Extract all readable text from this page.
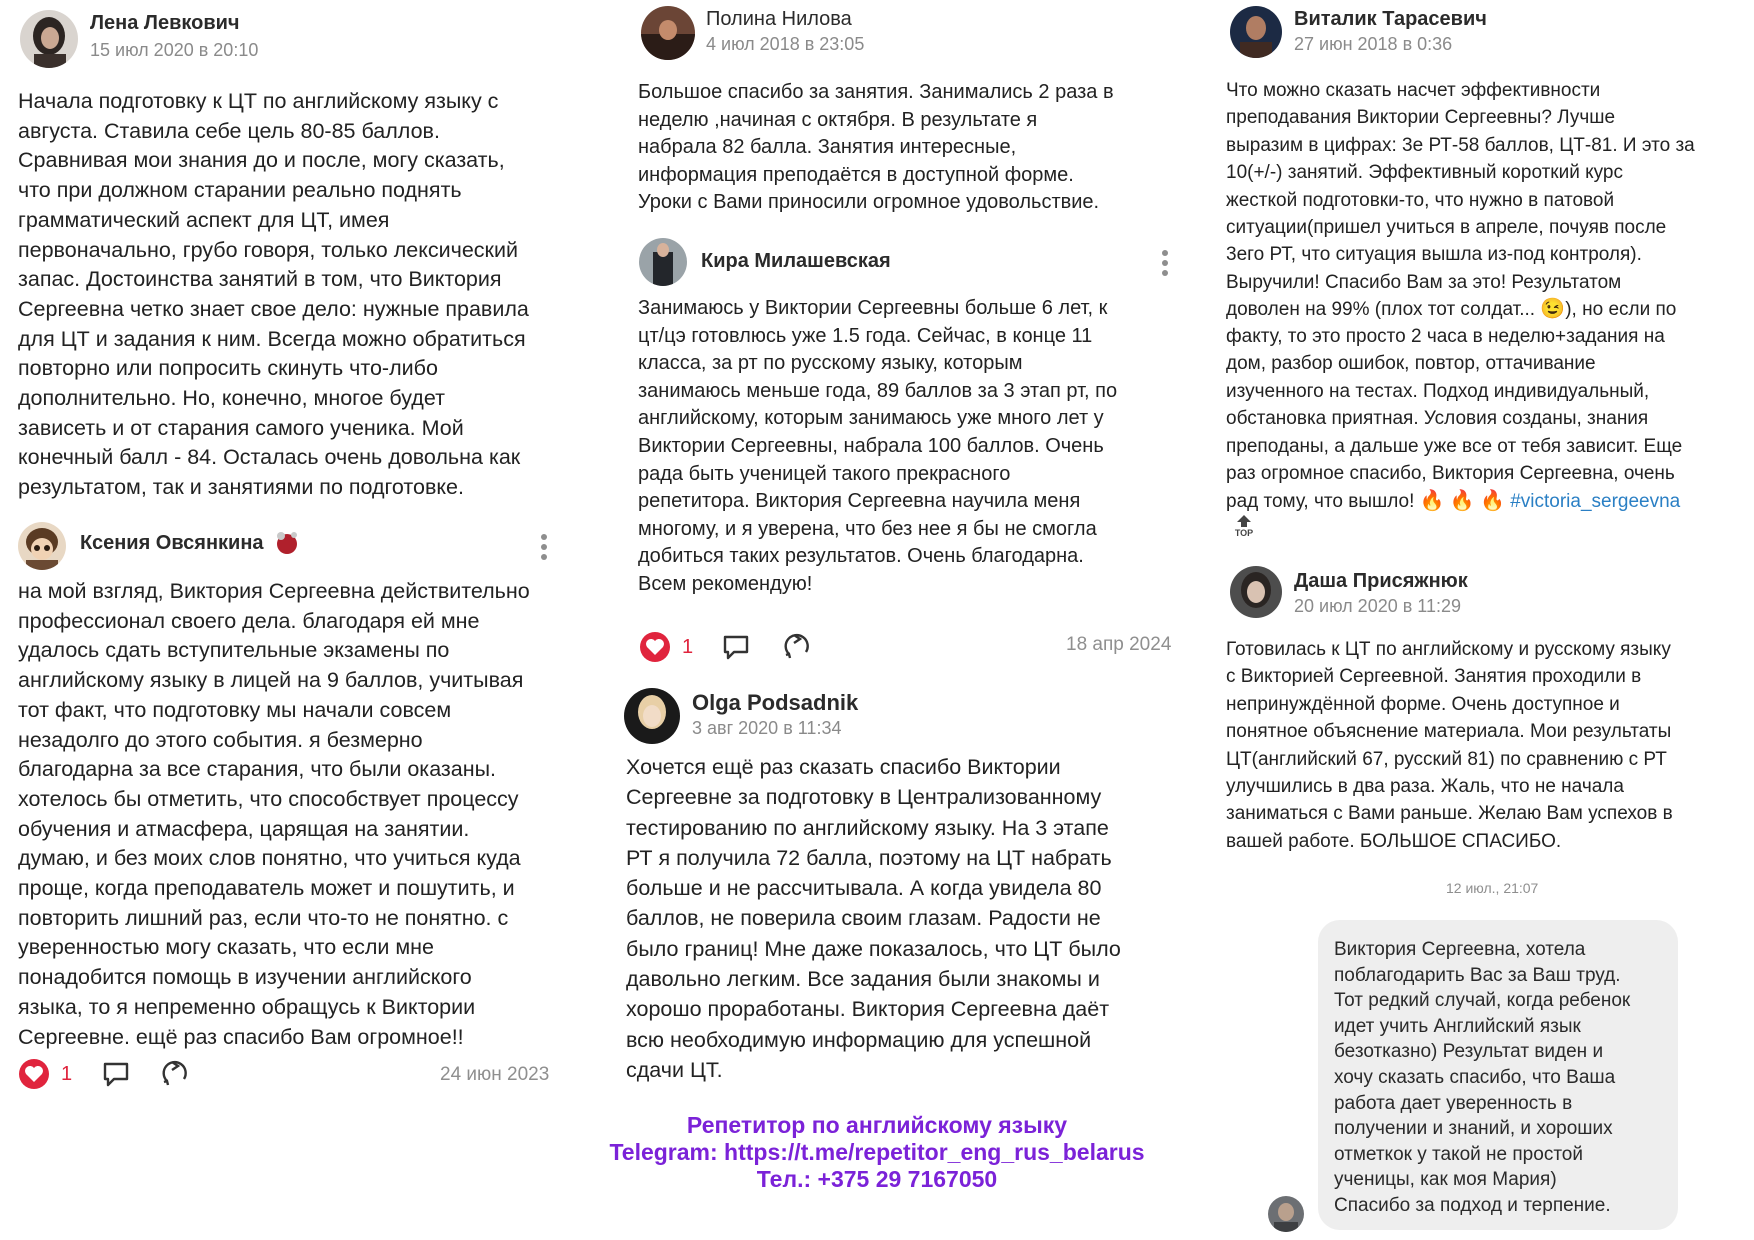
Лена Левкович
15 июл 2020 в 20:10
Начала подготовку к ЦТ по английскому языку с
августа. Ставила себе цель 80-85 баллов.
Сравнивая мои знания до и после, могу сказать,
что при должном старании реально поднять
грамматический аспект для ЦТ, имея
первоначально, грубо говоря, только лексический
запас. Достоинства занятий в том, что Виктория
Сергеевна четко знает свое дело: нужные правила
для ЦТ и задания к ним. Всегда можно обратиться
повторно или попросить скинуть что-либо
дополнительно. Но, конечно, многое будет
зависеть и от старания самого ученика. Мой
конечный балл - 84. Осталась очень довольна как
результатом, так и занятиями по подготовке.
Ксения Овсянкина
на мой взгляд, Виктория Сергеевна действительно
профессионал своего дела. благодаря ей мне
удалось сдать вступительные экзамены по
английскому языку в лицей на 9 баллов, учитывая
тот факт, что подготовку мы начали совсем
незадолго до этого события. я безмерно
благодарна за все старания, что были оказаны.
хотелось бы отметить, что способствует процессу
обучения и атмасфера, царящая на занятии.
думаю, и без моих слов понятно, что учиться куда
проще, когда преподаватель может и пошутить, и
повторить лишний раз, если что-то не понятно. с
уверенностью могу сказать, что если мне
понадобится помощь в изучении английского
языка, то я непременно обращусь к Виктории
Сергеевне. ещё раз спасибо Вам огромное!!
1	24 июн 2023
Полина Нилова
4 июл 2018 в 23:05
Большое спасибо за занятия. Занимались 2 раза в
неделю ,начиная с октября. В результате я
набрала 82 балла. Занятия интересные,
информация преподаётся в доступной форме.
Уроки с Вами приносили огромное удовольствие.
Кира Милашевская
Занимаюсь у Виктории Сергеевны больше 6 лет, к
цт/цэ готовлюсь уже 1.5 года. Сейчас, в конце 11
класса, за рт по русскому языку, которым
занимаюсь меньше года, 89 баллов за 3 этап рт, по
английскому, которым занимаюсь уже много лет у
Виктории Сергеевны, набрала 100 баллов. Очень
рада быть ученицей такого прекрасного
репетитора. Виктория Сергеевна научила меня
многому, и я уверена, что без нее я бы не смогла
добиться таких результатов. Очень благодарна.
Всем рекомендую!
1	18 апр 2024
Olga Podsadnik
3 авг 2020 в 11:34
Хочется ещё раз сказать спасибо Виктории
Сергеевне за подготовку в Централизованному
тестированию по английскому языку. На 3 этапе
РТ я получила 72 балла, поэтому на ЦТ набрать
больше и не рассчитывала. А когда увидела 80
баллов, не поверила своим глазам. Радости не
было границ! Мне даже показалось, что ЦТ было
давольно легким. Все задания были знакомы и
хорошо проработаны. Виктория Сергеевна даёт
всю необходимую информацию для успешной
сдачи ЦТ.
Виталик Тарасевич
27 июн 2018 в 0:36
Что можно сказать насчет эффективности
преподавания Виктории Сергеевны? Лучше
выразим в цифрах: 3е РТ-58 баллов, ЦТ-81. И это за
10(+/-) занятий. Эффективный короткий курс
жесткой подготовки-то, что нужно в патовой
ситуации(пришел учиться в апреле, почуяв после
3его РТ, что ситуация вышла из-под контроля).
Выручили! Спасибо Вам за это! Результатом
доволен на 99% (плох тот солдат... 😉), но если по
факту, то это просто 2 часа в неделю+задания на
дом, разбор ошибок, повтор, оттачивание
изученного на тестах. Подход индивидуальный,
обстановка приятная. Условия созданы, знания
преподаны, а дальше уже все от тебя зависит. Еще
раз огромное спасибо, Виктория Сергеевна, очень
рад тому, что вышло! 🔥 🔥 🔥 #victoria_sergeevna
TOP
Даша Присяжнюк
20 июл 2020 в 11:29
Готовилась к ЦТ по английскому и русскому языку
с Викторией Сергеевной. Занятия проходили в
непринуждённой форме. Очень доступное и
понятное объяснение материала. Мои результаты
ЦТ(английский 67, русский 81) по сравнению с РТ
улучшились в два раза. Жаль, что не начала
заниматься с Вами раньше. Желаю Вам успехов в
вашей работе. БОЛЬШОЕ СПАСИБО.
12 июл., 21:07
Виктория Сергеевна, хотела
поблагодарить Вас за Ваш труд.
Тот редкий случай, когда ребенок
идет учить Английский язык
безотказно) Результат виден и
хочу сказать спасибо, что Ваша
работа дает уверенность в
получении и знаний, и хороших
отметкок у такой не простой
ученицы, как моя Мария)
Спасибо за подход и терпение.
Репетитор по английскому языку
Telegram: https://t.me/repetitor_eng_rus_belarus
Тел.: +375 29 7167050
